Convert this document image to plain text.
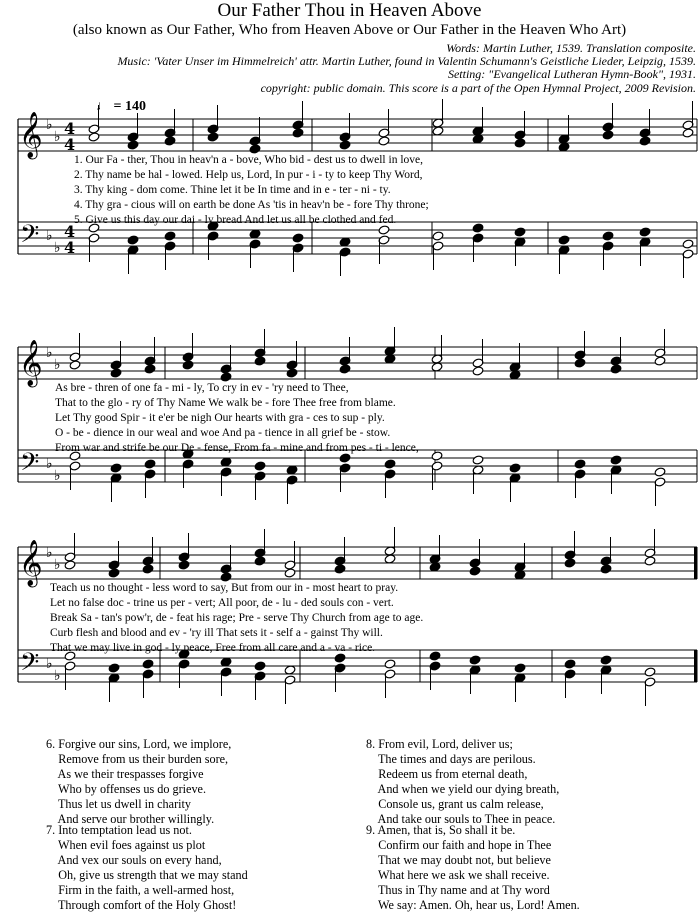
Our Father Thou in Heaven Above
(also known as Our Father, Who from Heaven Above or Our Father in the Heaven Who Art)
Words: Martin Luther, 1539. Translation composite.
Music: 'Vater Unser im Himmelreich' attr. Martin Luther, found in Valentin Schumann's Geistliche Lieder, Leipzig, 1539.
Setting: "Evangelical Lutheran Hymn-Book", 1931.
copyright: public domain. This score is a part of the Open Hymnal Project, 2009 Revision.
♩ = 140
𝄞 ♭
♭ 4
4
𝄢 ♭
♭
4
4
𝄞 ♭
♭
𝄢 ♭
♭
𝄞 ♭
♭
𝄢 ♭
♭
1. Our Fa - ther, Thou in heav'n a - bove, Who bid - dest us to dwell in love,
2. Thy name be hal - lowed. Help us, Lord, In pur - i - ty to keep Thy Word,
3. Thy king - dom come. Thine let it be In time and in e - ter - ni - ty.
4. Thy gra - cious will on earth be done As 'tis in heav'n be - fore Thy throne;
5. Give us this day our dai - ly bread And let us all be clothed and fed.
As bre - thren of one fa - mi - ly, To cry in ev - 'ry need to Thee,
That to the glo - ry of Thy Name We walk be - fore Thee free from blame.
Let Thy good Spir - it e'er be nigh Our hearts with gra - ces to sup - ply.
O - be - dience in our weal and woe And pa - tience in all grief be - stow.
From war and strife be our De - fense, From fa - mine and from pes - ti - lence,
Teach us no thought - less word to say, But from our in - most heart to pray.
Let no false doc - trine us per - vert; All poor, de - lu - ded souls con - vert.
Break Sa - tan's pow'r, de - feat his rage; Pre - serve Thy Church from age to age.
Curb flesh and blood and ev - 'ry ill That sets it - self a - gainst Thy will.
That we may live in god - ly peace, Free from all care and a - va - rice.
6. Forgive our sins, Lord, we implore,
Remove from us their burden sore,
As we their trespasses forgive
Who by offenses us do grieve.
Thus let us dwell in charity
And serve our brother willingly.
7. Into temptation lead us not.
When evil foes against us plot
And vex our souls on every hand,
Oh, give us strength that we may stand
Firm in the faith, a well-armed host,
Through comfort of the Holy Ghost!
8. From evil, Lord, deliver us;
The times and days are perilous.
Redeem us from eternal death,
And when we yield our dying breath,
Console us, grant us calm release,
And take our souls to Thee in peace.
9. Amen, that is, So shall it be.
Confirm our faith and hope in Thee
That we may doubt not, but believe
What here we ask we shall receive.
Thus in Thy name and at Thy word
We say: Amen. Oh, hear us, Lord! Amen.
